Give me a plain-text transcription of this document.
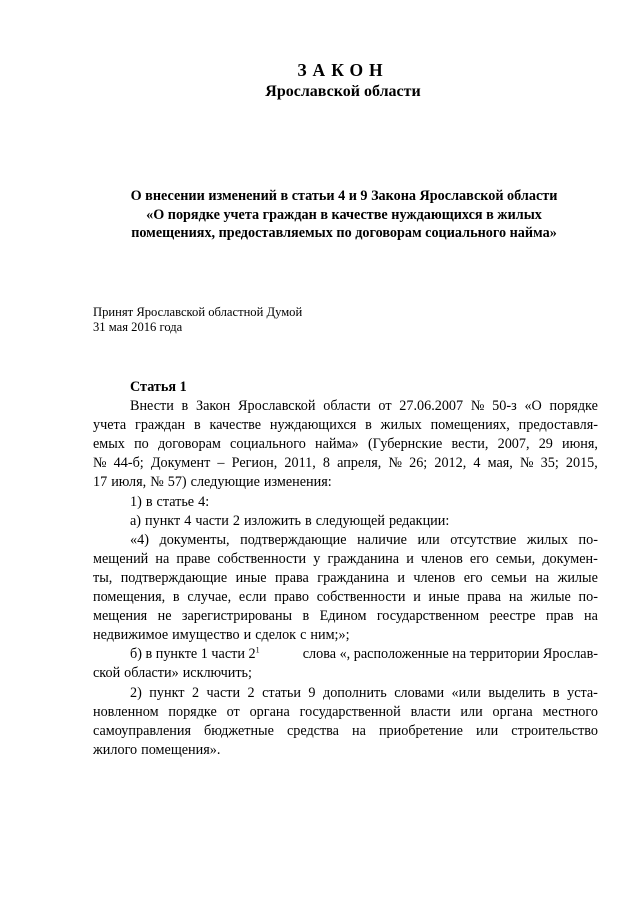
ЗАКОН
Ярославской области
О внесении изменений в статьи 4 и 9 Закона Ярославской области
«О порядке учета граждан в качестве нуждающихся в жилых
помещениях, предоставляемых по договорам социального найма»
Принят Ярославской областной Думой
31 мая 2016 года
Статья 1
Внести в Закон Ярославской области от 27.06.2007 № 50-з «О порядке
учета граждан в качестве нуждающихся в жилых помещениях, предоставля-
емых по договорам социального найма» (Губернские вести, 2007, 29 июня,
№ 44-б; Документ – Регион, 2011, 8 апреля, № 26; 2012, 4 мая, № 35; 2015,
17 июля, № 57) следующие изменения:
1) в статье 4:
а) пункт 4 части 2 изложить в следующей редакции:
«4) документы, подтверждающие наличие или отсутствие жилых по-
мещений на праве собственности у гражданина и членов его семьи, докумен-
ты, подтверждающие иные права гражданина и членов его семьи на жилые
помещения, в случае, если право собственности и иные права на жилые по-
мещения не зарегистрированы в Едином государственном реестре прав на
недвижимое имущество и сделок с ним;»;
б) в пункте 1 части $2^1$	слова «, расположенные на территории Ярослав-
ской области» исключить;
2) пункт 2 части 2 статьи 9 дополнить словами «или выделить в уста-
новленном порядке от органа государственной власти или органа местного
самоуправления бюджетные средства на приобретение или строительство
жилого помещения».
